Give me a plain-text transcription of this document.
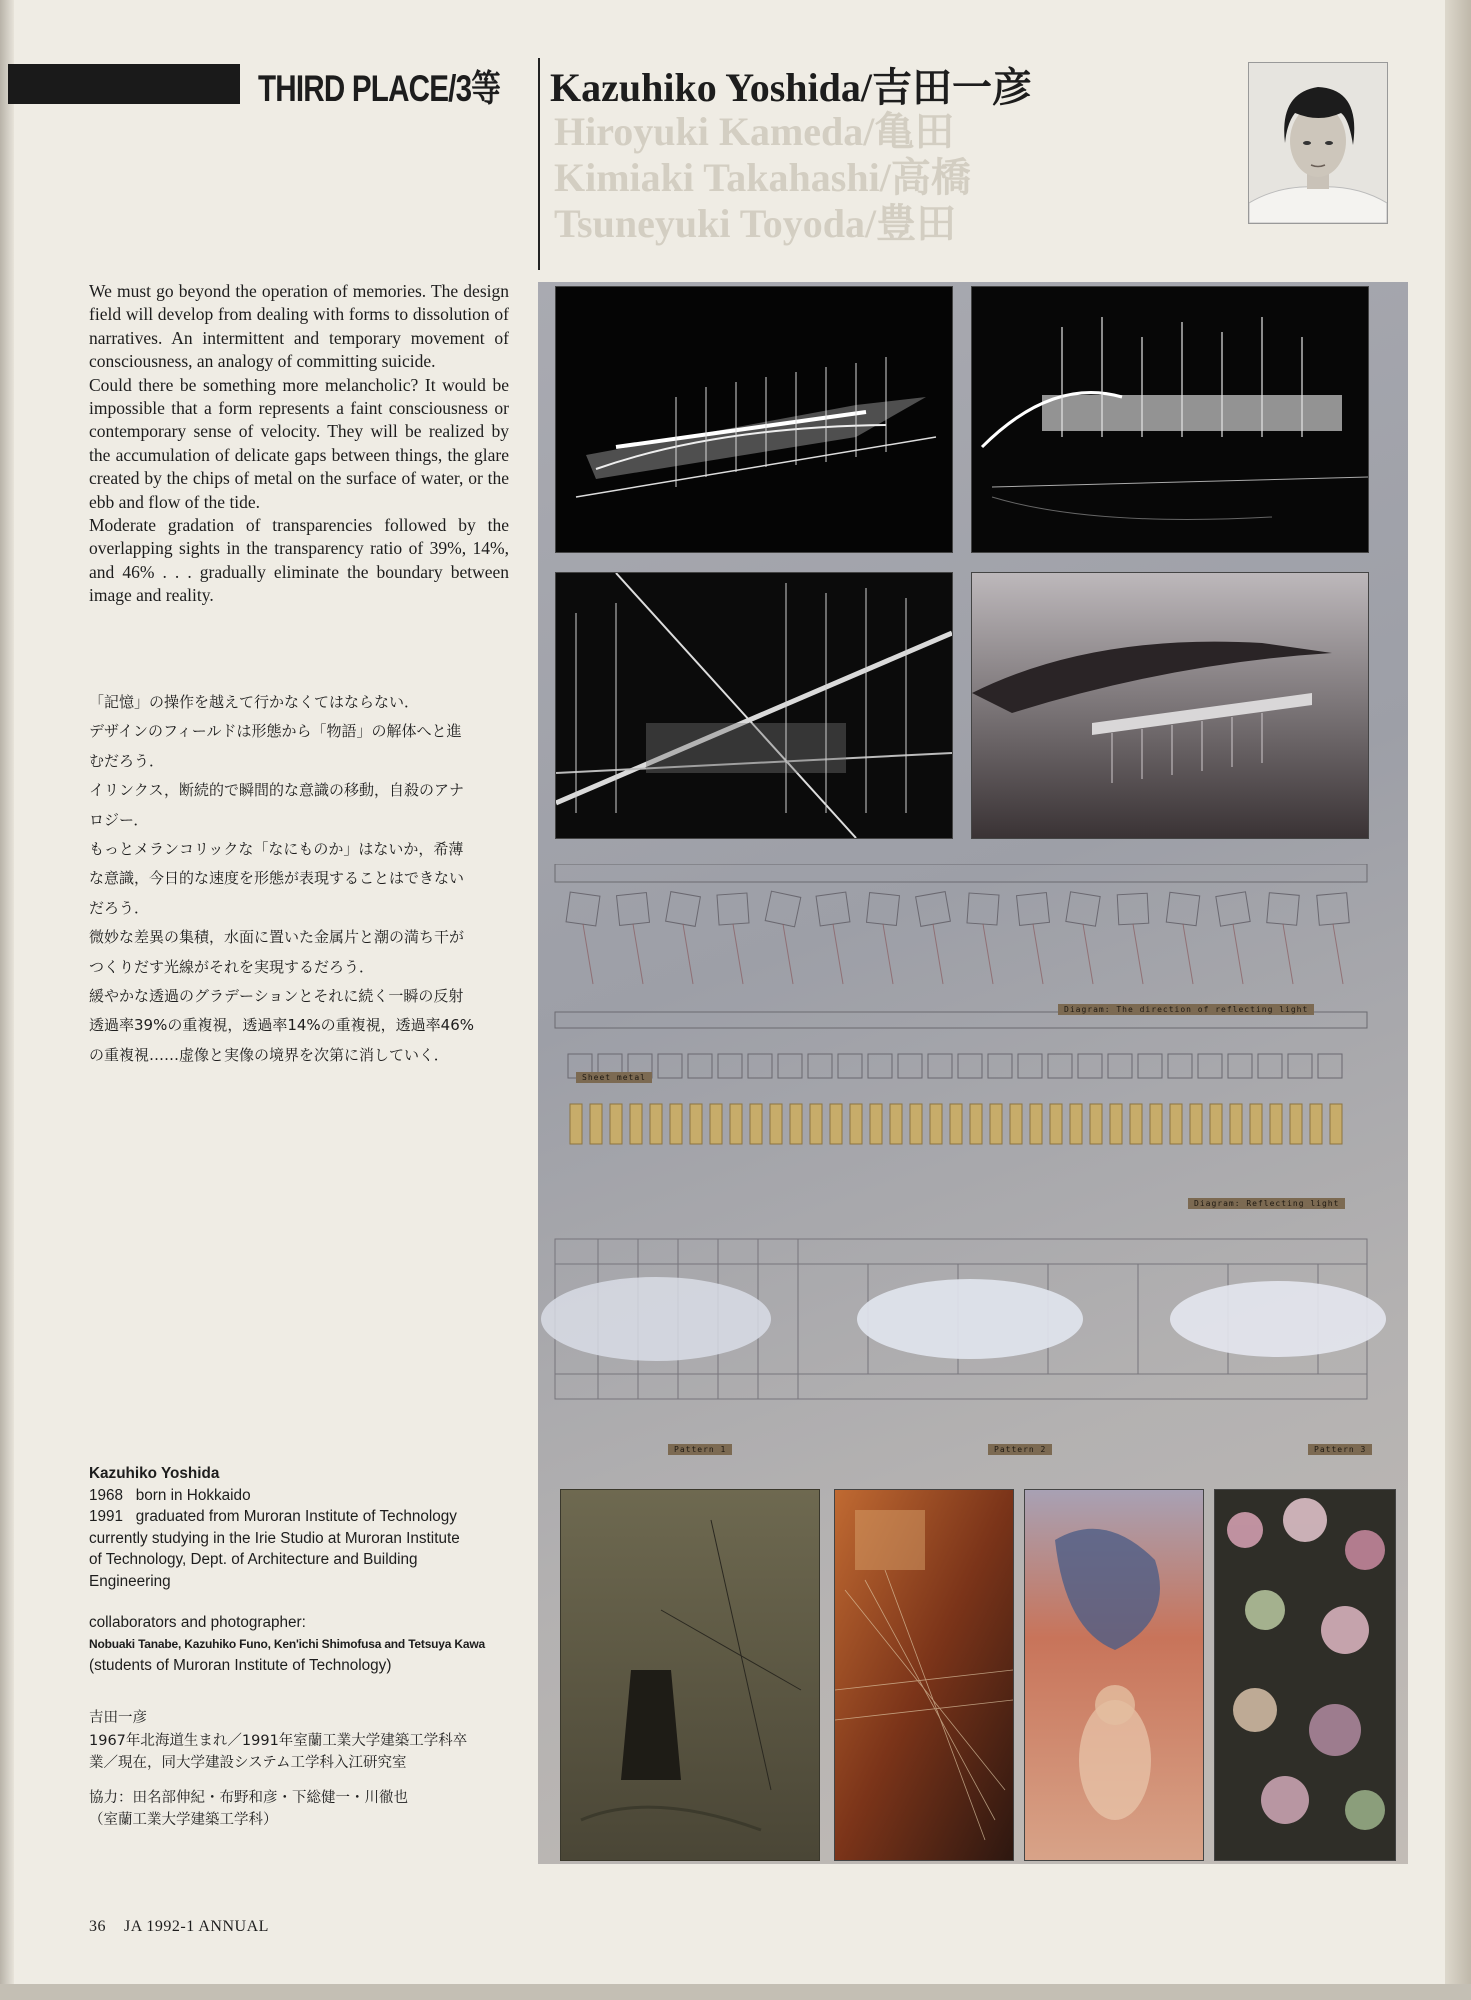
THIRD PLACE/3等
Hiroyuki Kameda/亀田
Kimiaki Takahashi/高橋
Tsuneyuki Toyoda/豊田
Kazuhiko Yoshida/吉田一彦

We must go beyond the operation of memories. The design field will develop from dealing with forms to dissolution of narratives. An intermittent and temporary movement of consciousness, an analogy of committing suicide.

Could there be something more melancholic? It would be impossible that a form represents a faint consciousness or contemporary sense of velocity. They will be realized by the accumulation of delicate gaps between things, the glare created by the chips of metal on the surface of water, or the ebb and flow of the tide.

Moderate gradation of transparencies followed by the overlapping sights in the transparency ratio of 39%, 14%, and 46% . . . gradually eliminate the boundary between image and reality.

「記憶」の操作を越えて行かなくてはならない．

デザインのフィールドは形態から「物語」の解体へと進

むだろう．

イリンクス，断続的で瞬間的な意識の移動，自殺のアナ

ロジー．

もっとメランコリックな「なにものか」はないか，希薄

な意識，今日的な速度を形態が表現することはできない

だろう．

微妙な差異の集積，水面に置いた金属片と潮の満ち干が

つくりだす光線がそれを実現するだろう．

緩やかな透過のグラデーションとそれに続く一瞬の反射

透過率39%の重複視，透過率14%の重複視，透過率46%

の重複視……虚像と実像の境界を次第に消していく．

Kazuhiko Yoshida

1968   born in Hokkaido

1991   graduated from Muroran Institute of Technology

currently studying in the Irie Studio at Muroran Institute

of Technology, Dept. of Architecture and Building

Engineering

collaborators and photographer:

Nobuaki Tanabe, Kazuhiko Funo, Ken'ichi Shimofusa and Tetsuya Kawa

(students of Muroran Institute of Technology)

吉田一彦

1967年北海道生まれ／1991年室蘭工業大学建築工学科卒

業／現在，同大学建設システム工学科入江研究室

協力：田名部伸紀・布野和彦・下総健一・川徹也

（室蘭工業大学建築工学科）

36 JA 1992-1 ANNUAL
Diagram: The direction of reflecting light
Sheet metal
Diagram: Reflecting light
Pattern 1	Pattern 2	Pattern 3
